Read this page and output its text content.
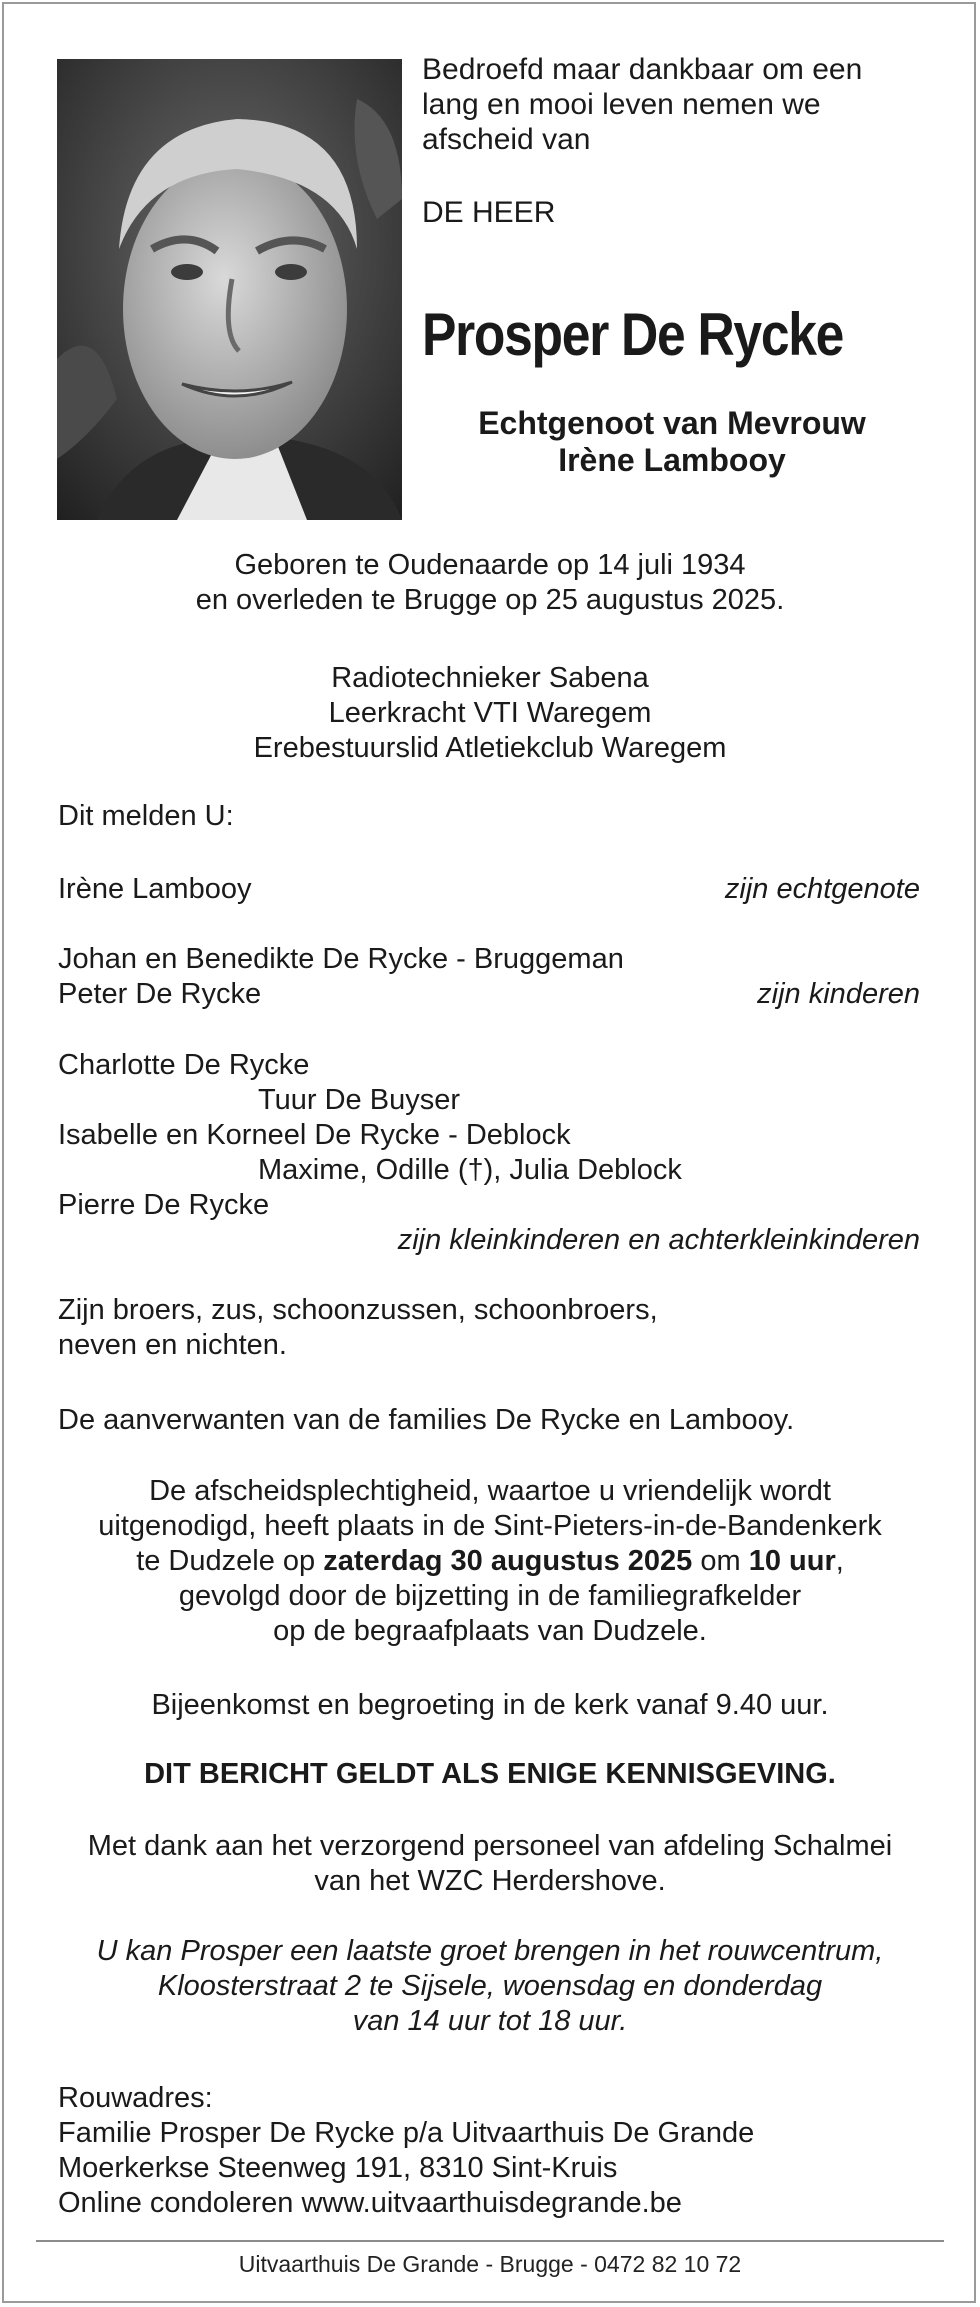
Bedroefd maar dankbaar om een
lang en mooi leven nemen we
afscheid van
DE HEER
Prosper De Rycke
Echtgenoot van Mevrouw
Irène Lambooy
Geboren te Oudenaarde op 14 juli 1934
en overleden te Brugge op 25 augustus 2025.
Radiotechnieker Sabena
Leerkracht VTI Waregem
Erebestuurslid Atletiekclub Waregem
Dit melden U:
Irène Lambooy	zijn echtgenote
Johan en Benedikte De Rycke - Bruggeman
Peter De Rycke	zijn kinderen
Charlotte De Rycke
Tuur De Buyser
Isabelle en Korneel De Rycke - Deblock
Maxime, Odille (†), Julia Deblock
Pierre De Rycke
zijn kleinkinderen en achterkleinkinderen
Zijn broers, zus, schoonzussen, schoonbroers,
neven en nichten.
De aanverwanten van de families De Rycke en Lambooy.
De afscheidsplechtigheid, waartoe u vriendelijk wordt
uitgenodigd, heeft plaats in de Sint-Pieters-in-de-Bandenkerk
te Dudzele op zaterdag 30 augustus 2025 om 10 uur,
gevolgd door de bijzetting in de familiegrafkelder
op de begraafplaats van Dudzele.
Bijeenkomst en begroeting in de kerk vanaf 9.40 uur.
DIT BERICHT GELDT ALS ENIGE KENNISGEVING.
Met dank aan het verzorgend personeel van afdeling Schalmei
van het WZC Herdershove.
U kan Prosper een laatste groet brengen in het rouwcentrum,
Kloosterstraat 2 te Sijsele, woensdag en donderdag
van 14 uur tot 18 uur.
Rouwadres:
Familie Prosper De Rycke p/a Uitvaarthuis De Grande
Moerkerkse Steenweg 191, 8310 Sint-Kruis
Online condoleren www.uitvaarthuisdegrande.be
Uitvaarthuis De Grande - Brugge - 0472 82 10 72
